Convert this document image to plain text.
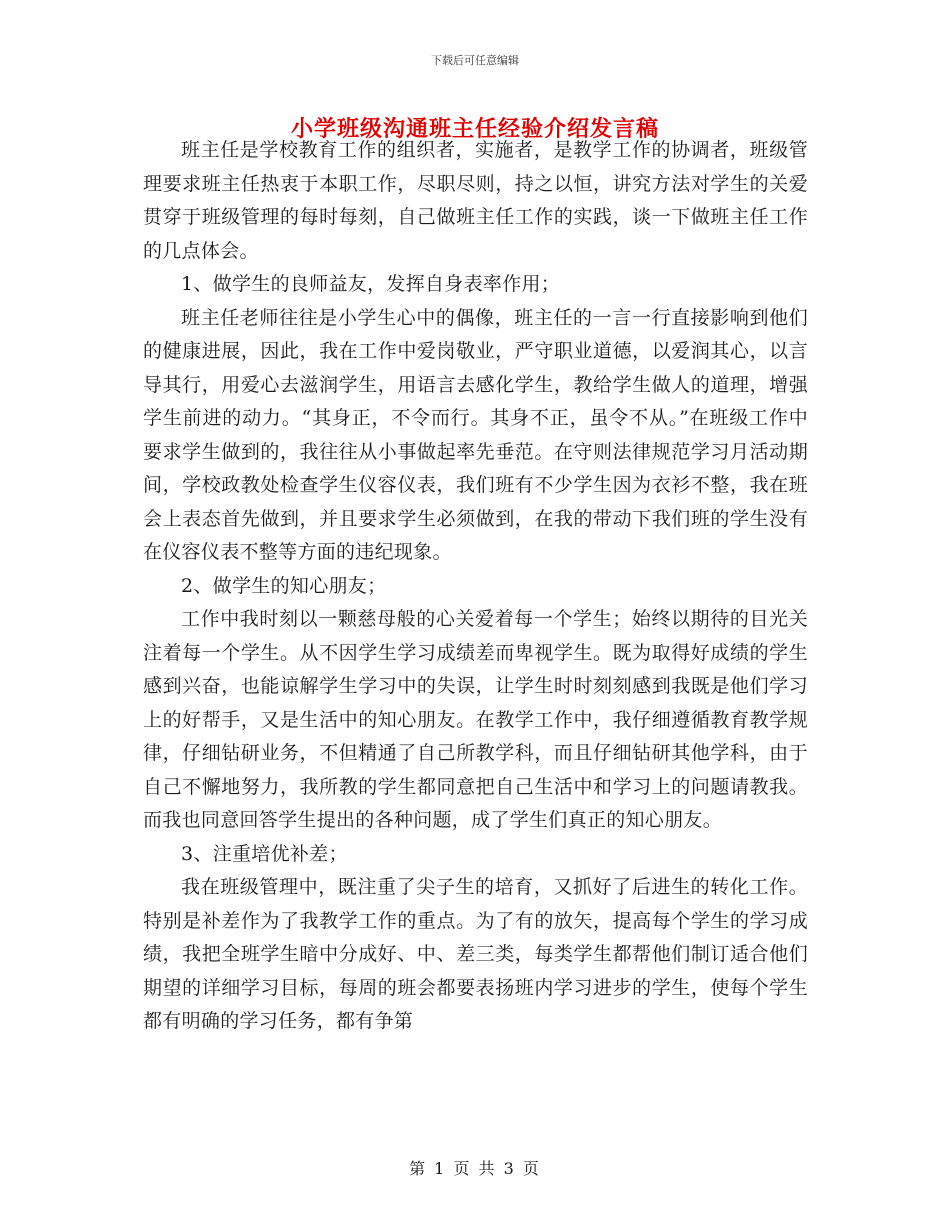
下载后可任意编辑
小学班级沟通班主任经验介绍发言稿

班主任是学校教育工作的组织者，实施者，是教学工作的协调者，班级管理要求班主任热衷于本职工作，尽职尽则，持之以恒，讲究方法对学生的关爱贯穿于班级管理的每时每刻，自己做班主任工作的实践，谈一下做班主任工作的几点体会。

1、做学生的良师益友，发挥自身表率作用；

班主任老师往往是小学生心中的偶像，班主任的一言一行直接影响到他们的健康进展，因此，我在工作中爱岗敬业，严守职业道德，以爱润其心，以言导其行，用爱心去滋润学生，用语言去感化学生，教给学生做人的道理，增强学生前进的动力。“其身正，不令而行。其身不正，虽令不从。”在班级工作中要求学生做到的，我往往从小事做起率先垂范。在守则法律规范学习月活动期间，学校政教处检查学生仪容仪表，我们班有不少学生因为衣衫不整，我在班会上表态首先做到，并且要求学生必须做到，在我的带动下我们班的学生没有在仪容仪表不整等方面的违纪现象。

2、做学生的知心朋友；

工作中我时刻以一颗慈母般的心关爱着每一个学生；始终以期待的目光关注着每一个学生。从不因学生学习成绩差而卑视学生。既为取得好成绩的学生感到兴奋，也能谅解学生学习中的失误，让学生时时刻刻感到我既是他们学习上的好帮手，又是生活中的知心朋友。在教学工作中，我仔细遵循教育教学规律，仔细钻研业务，不但精通了自己所教学科，而且仔细钻研其他学科，由于自己不懈地努力，我所教的学生都同意把自己生活中和学习上的问题请教我。而我也同意回答学生提出的各种问题，成了学生们真正的知心朋友。

3、注重培优补差；

我在班级管理中，既注重了尖子生的培育，又抓好了后进生的转化工作。特别是补差作为了我教学工作的重点。为了有的放矢，提高每个学生的学习成绩，我把全班学生暗中分成好、中、差三类，每类学生都帮他们制订适合他们期望的详细学习目标，每周的班会都要表扬班内学习进步的学生，使每个学生都有明确的学习任务，都有争第

第 1 页 共 3 页
